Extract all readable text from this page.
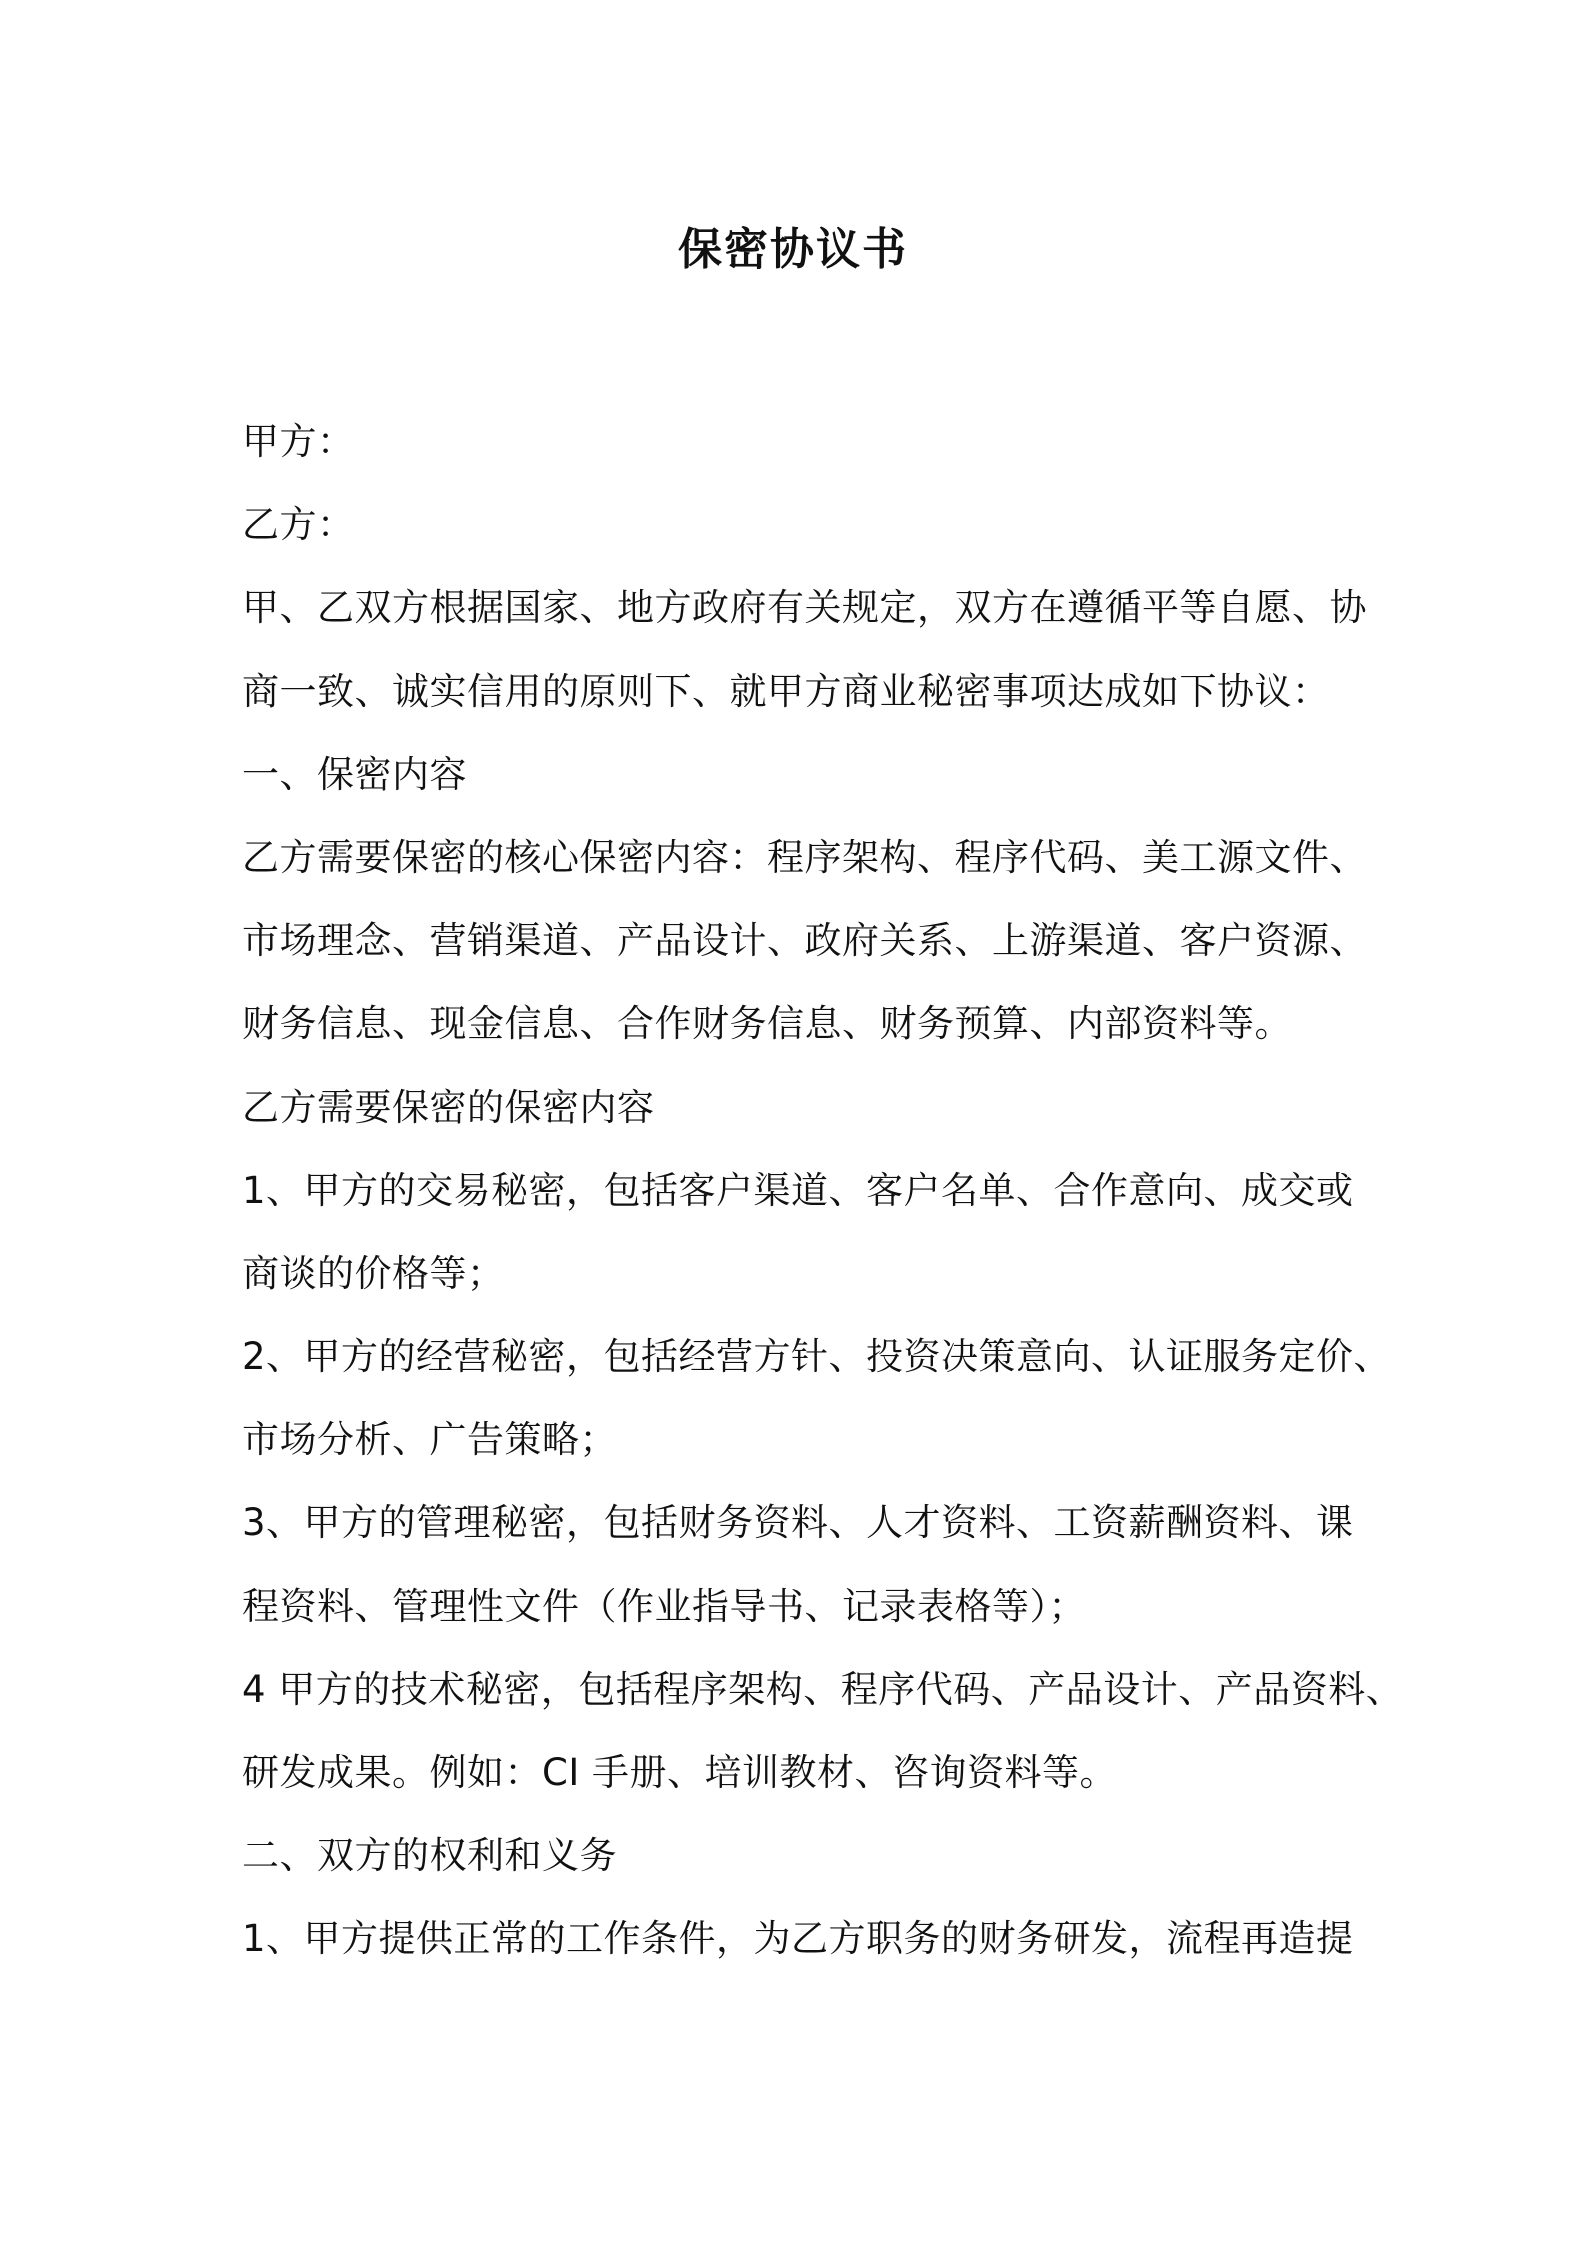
保密协议书
甲方：
乙方：
甲、乙双方根据国家、地方政府有关规定，双方在遵循平等自愿、协
商一致、诚实信用的原则下、就甲方商业秘密事项达成如下协议：
一、保密内容
乙方需要保密的核心保密内容：程序架构、程序代码、美工源文件、
市场理念、营销渠道、产品设计、政府关系、上游渠道、客户资源、
财务信息、现金信息、合作财务信息、财务预算、内部资料等。
乙方需要保密的保密内容
1、甲方的交易秘密，包括客户渠道、客户名单、合作意向、成交或
商谈的价格等；
2、甲方的经营秘密，包括经营方针、投资决策意向、认证服务定价、
市场分析、广告策略；
3、甲方的管理秘密，包括财务资料、人才资料、工资薪酬资料、课
程资料、管理性文件（作业指导书、记录表格等）；
4 甲方的技术秘密，包括程序架构、程序代码、产品设计、产品资料、
研发成果。例如：CI 手册、培训教材、咨询资料等。
二、双方的权利和义务
1、甲方提供正常的工作条件，为乙方职务的财务研发，流程再造提
